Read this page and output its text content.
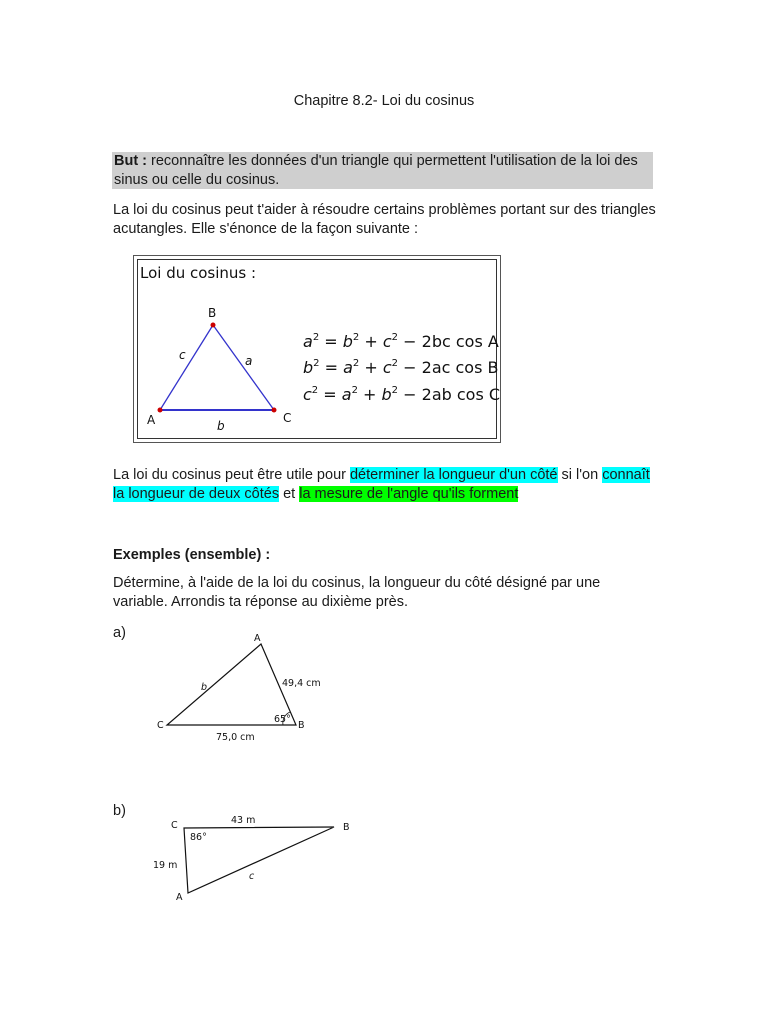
Chapitre 8.2- Loi du cosinus
But : reconnaître les données d'un triangle qui permettent l'utilisation de la loi des sinus ou celle du cosinus.
La loi du cosinus peut t'aider à résoudre certains problèmes portant sur des triangles acutangles. Elle s'énonce de la façon suivante :
Loi du cosinus :
B
A	C
c	a
b
$a^2 = b^2 + c^2 - 2bc$ cos A
$b^2 = a^2 + c^2 - 2ac$ cos B
$c^2 = a^2 + b^2 - 2ab$ cos C
La loi du cosinus peut être utile pour déterminer la longueur d'un côté si l'on connaît la longueur de deux côtés et la mesure de l'angle qu'ils forment
Exemples (ensemble) :
Détermine, à l'aide de la loi du cosinus, la longueur du côté désigné par une variable. Arrondis ta réponse au dixième près.
a)	A
B
C
49,4 cm
75,0 cm
b
65°
b)
C	B
A
43 m
19 m
c
86°
